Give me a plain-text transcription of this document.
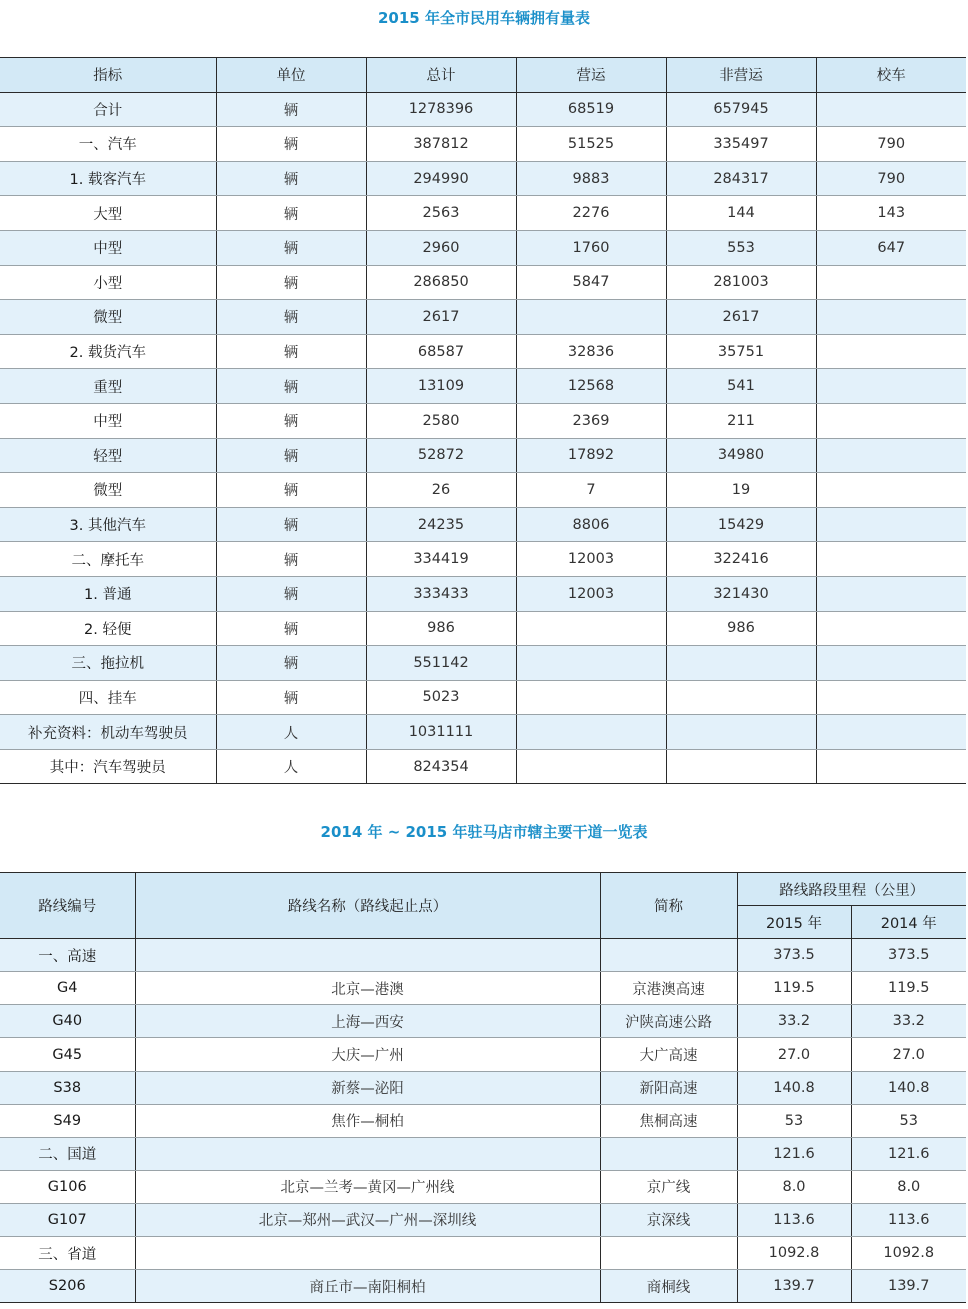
2015 年全市民用车辆拥有量表
指标	单位	总计	营运	非营运	校车
合计	辆	1278396	68519	657945	
一、汽车	辆	387812	51525	335497	790
1. 载客汽车	辆	294990	9883	284317	790
大型	辆	2563	2276	144	143
中型	辆	2960	1760	553	647
小型	辆	286850	5847	281003	
微型	辆	2617		2617	
2. 载货汽车	辆	68587	32836	35751	
重型	辆	13109	12568	541	
中型	辆	2580	2369	211	
轻型	辆	52872	17892	34980	
微型	辆	26	7	19	
3. 其他汽车	辆	24235	8806	15429	
二、摩托车	辆	334419	12003	322416	
1. 普通	辆	333433	12003	321430	
2. 轻便	辆	986		986	
三、拖拉机	辆	551142			
四、挂车	辆	5023			
补充资料：机动车驾驶员	人	1031111			
其中：汽车驾驶员	人	824354			
2014 年 ~ 2015 年驻马店市辖主要干道一览表
路线编号	路线名称（路线起止点）	简称	路线路段里程（公里）	
			2015 年	2014 年
一、高速			373.5	373.5
G4	北京—港澳	京港澳高速	119.5	119.5
G40	上海—西安	沪陕高速公路	33.2	33.2
G45	大庆—广州	大广高速	27.0	27.0
S38	新蔡—泌阳	新阳高速	140.8	140.8
S49	焦作—桐柏	焦桐高速	53	53
二、国道			121.6	121.6
G106	北京—兰考—黄冈—广州线	京广线	8.0	8.0
G107	北京—郑州—武汉—广州—深圳线	京深线	113.6	113.6
三、省道			1092.8	1092.8
S206	商丘市—南阳桐柏	商桐线	139.7	139.7
